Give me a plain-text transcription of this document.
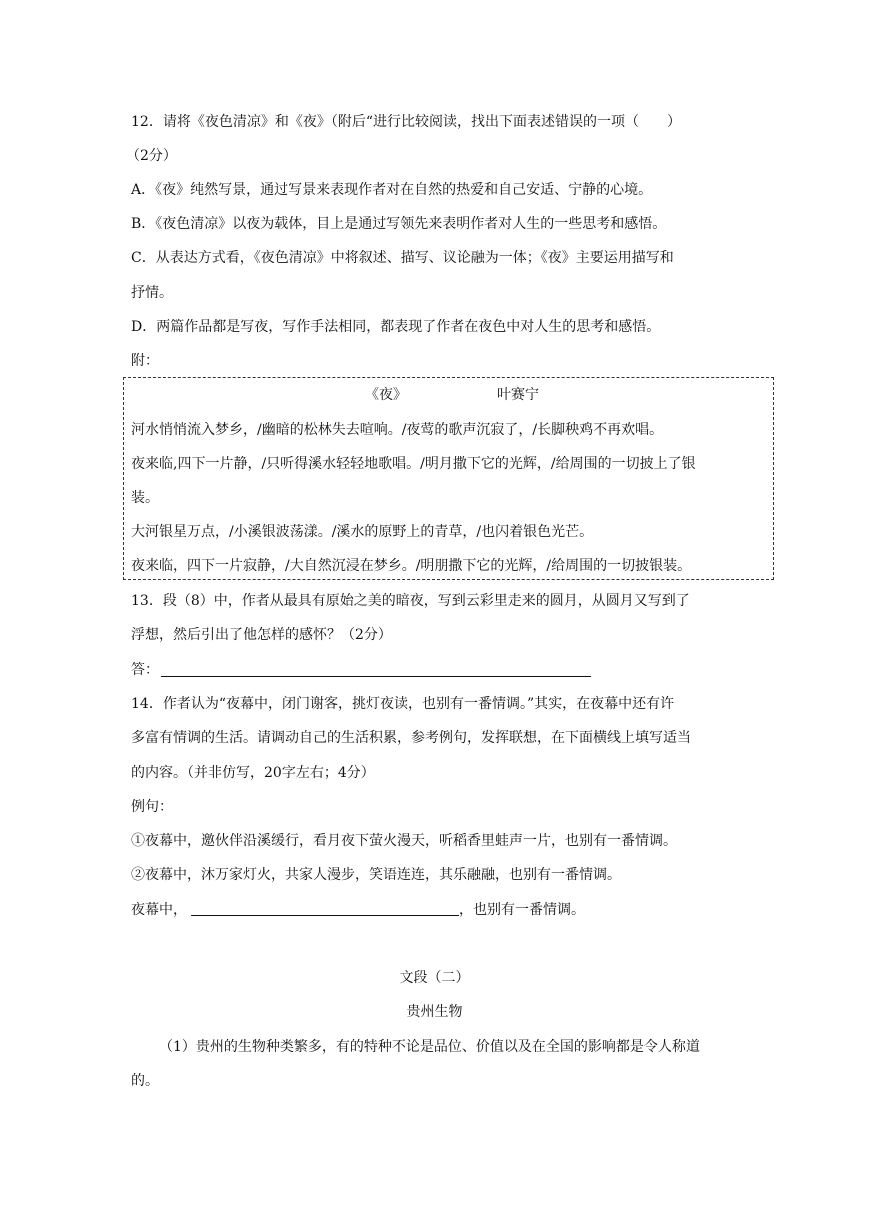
12．请将《夜色清凉》和《夜》（附后“进行比较阅读，找出下面表述错误的一项（　　）
（2分）
A．《夜》纯然写景，通过写景来表现作者对在自然的热爱和自己安适、宁静的心境。
B．《夜色清凉》以夜为载体，目上是通过写领先来表明作者对人生的一些思考和感悟。
C．从表达方式看，《夜色清凉》中将叙述、描写、议论融为一体；《夜》主要运用描写和
抒情。
D．两篇作品都是写夜，写作手法相同，都表现了作者在夜色中对人生的思考和感悟。
附：
《夜》	叶赛宁
河水悄悄流入梦乡，/幽暗的松林失去喧响。/夜莺的歌声沉寂了，/长脚秧鸡不再欢唱。
夜来临,四下一片静，/只听得溪水轻轻地歌唱。/明月撒下它的光辉，/给周围的一切披上了银
装。
大河银星万点，/小溪银波荡漾。/溪水的原野上的青草，/也闪着银色光芒。
夜来临，四下一片寂静，/大自然沉浸在梦乡。/明朋撒下它的光辉，/给周围的一切披银装。
13．段（8）中，作者从最具有原始之美的暗夜，写到云彩里走来的圆月，从圆月又写到了
浮想，然后引出了他怎样的感怀？（2分）
答：
14．作者认为“夜幕中，闭门谢客，挑灯夜读，也别有一番情调。”其实，在夜幕中还有许
多富有情调的生活。请调动自己的生活积累，参考例句，发挥联想，在下面横线上填写适当
的内容。（并非仿写，20字左右；4分）
例句：
①夜幕中，邀伙伴沿溪缓行，看月夜下萤火漫天，听稻香里蛙声一片，也别有一番情调。
②夜幕中，沐万家灯火，共家人漫步，笑语连连，其乐融融，也别有一番情调。
夜幕中，	，也别有一番情调。
文段（二）
贵州生物
（1）贵州的生物种类繁多，有的特种不论是品位、价值以及在全国的影响都是令人称道
的。
